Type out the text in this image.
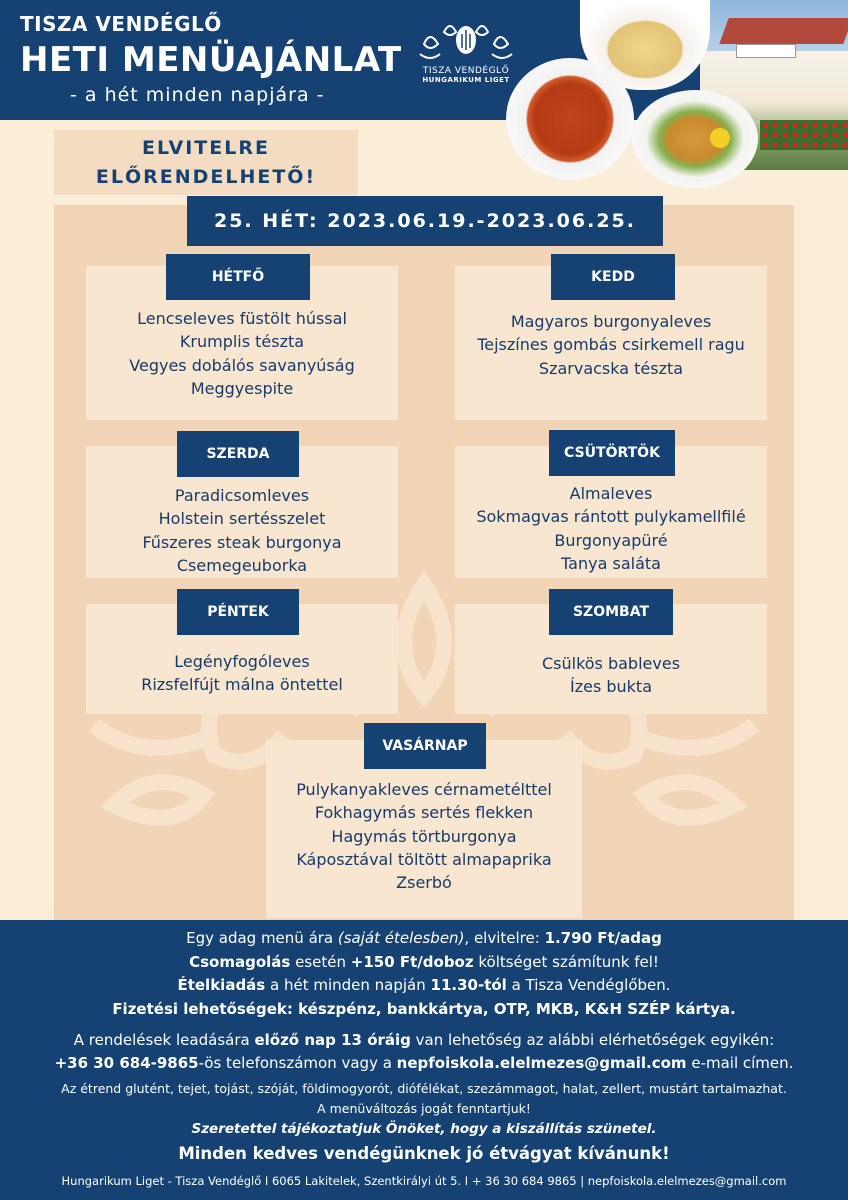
TISZA VENDÉGLŐ
HETI MENÜAJÁNLAT
- a hét minden napjára -
TISZA VENDÉGLŐ
HUNGARIKUM LIGET
ELVITELRE
ELŐRENDELHETŐ!
25. HÉT: 2023.06.19.-2023.06.25.
HÉTFŐ
Lencseleves füstölt hússal
Krumplis tészta
Vegyes dobálós savanyúság
Meggyespite
KEDD
Magyaros burgonyaleves
Tejszínes gombás csirkemell ragu
Szarvacska tészta
SZERDA
Paradicsomleves
Holstein sertésszelet
Fűszeres steak burgonya
Csemegeuborka
CSÜTÖRTÖK
Almaleves
Sokmagvas rántott pulykamellfilé
Burgonyapüré
Tanya saláta
PÉNTEK
Legényfogóleves
Rizsfelfújt málna öntettel
SZOMBAT
Csülkös bableves
Ízes bukta
VASÁRNAP
Pulykanyakleves cérnametélttel
Fokhagymás sertés flekken
Hagymás törtburgonya
Káposztával töltött almapaprika
Zserbó
Egy adag menü ára (saját ételesben), elvitelre: 1.790 Ft/adag
Csomagolás esetén +150 Ft/doboz költséget számítunk fel!
Ételkiadás a hét minden napján 11.30-tól a Tisza Vendéglőben.
Fizetési lehetőségek: készpénz, bankkártya, OTP, MKB, K&H SZÉP kártya.
A rendelések leadására előző nap 13 óráig van lehetőség az alábbi elérhetőségek egyikén:
+36 30 684-9865-ös telefonszámon vagy a nepfoiskola.elelmezes@gmail.com e-mail címen.
Az étrend glutént, tejet, tojást, szóját, földimogyorót, diófélékat, szezámmagot, halat, zellert, mustárt tartalmazhat.
A menüváltozás jogát fenntartjuk!
Szeretettel tájékoztatjuk Önöket, hogy a kiszállítás szünetel.
Minden kedves vendégünknek jó étvágyat kívánunk!
Hungarikum Liget - Tisza Vendéglő I 6065 Lakitelek, Szentkirályi út 5. I + 36 30 684 9865 | nepfoiskola.elelmezes@gmail.com
